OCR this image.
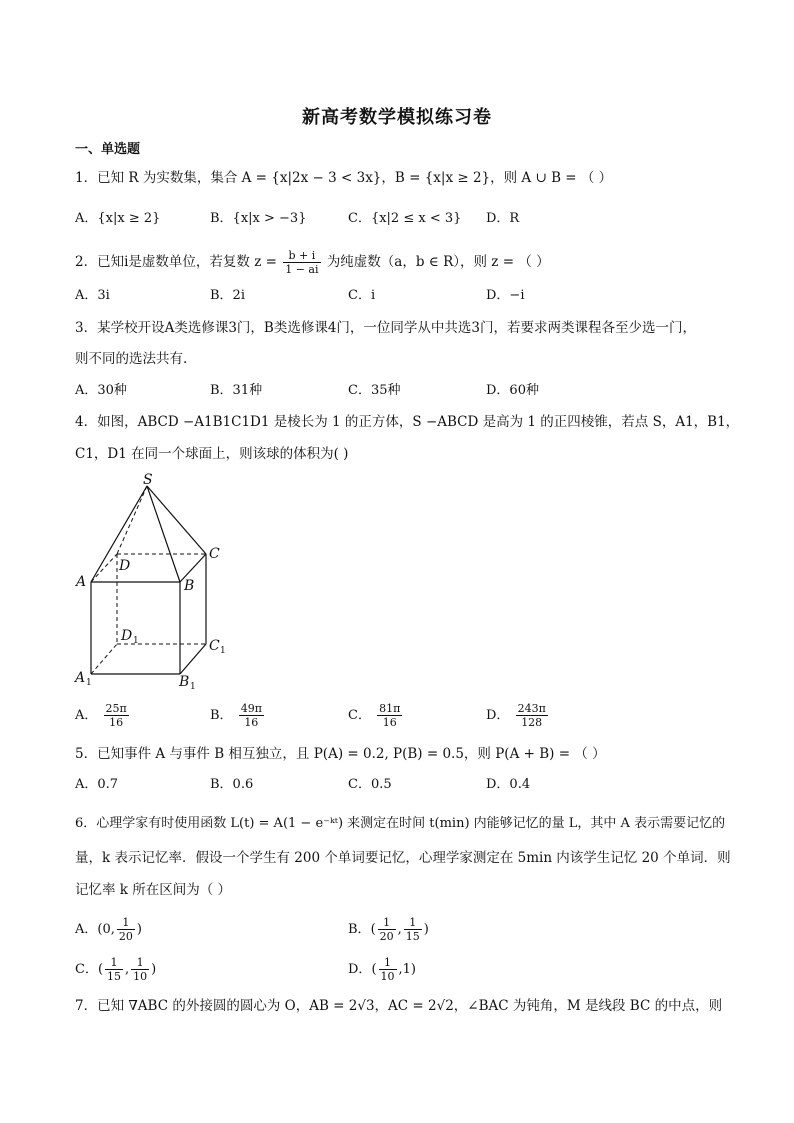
新高考数学模拟练习卷
一、单选题
1．已知 R 为实数集，集合 A = {x|2x − 3 < 3x}，B = {x|x ≥ 2}，则 A ∪ B = （ ）
A．{x|x ≥ 2}	B．{x|x > −3}	C．{x|2 ≤ x < 3} D．R
2．已知i是虚数单位，若复数 $z = \frac{b + i}{1 - ai}$ 为纯虚数（a，b ∈ R），则 z = （ ）
A．3i	B．2i	C．i	D．−i
3．某学校开设A类选修课3门，B类选修课4门，一位同学从中共选3门，若要求两类课程各至少选一门，
则不同的选法共有.
A．30种	B．31种	C．35种	D．60种
4．如图，ABCD −A1B1C1D1 是棱长为 1 的正方体，S −ABCD 是高为 1 的正四棱锥，若点 S，A1，B1，
C1，D1 在同一个球面上，则该球的体积为( )
S
A	B
C
D
D
C
A	B
1
1
1	1
A． $\frac{25\pi}{16}$	B． $\frac{49\pi}{16}$	C． $\frac{81\pi}{16}$	D． $\frac{243\pi}{128}$
5．已知事件 A 与事件 B 相互独立，且 P(A) = 0.2, P(B) = 0.5，则 P(A + B) = （ ）
A．0.7	B．0.6	C．0.5	D．0.4
6．心理学家有时使用函数 L(t) = A(1 − e⁻ᵏᵗ) 来测定在时间 t(min) 内能够记忆的量 L，其中 A 表示需要记忆的
量，k 表示记忆率．假设一个学生有 200 个单词要记忆，心理学家测定在 5min 内该学生记忆 20 个单词．则
记忆率 k 所在区间为（ ）
A．(0, $\frac{1}{20}$ )	B．( $\frac{1}{20}$ , $\frac{1}{15}$ )
C．( $\frac{1}{15}$ , $\frac{1}{10}$ )	D．( $\frac{1}{10} ,1$)
7．已知 ∇ABC 的外接圆的圆心为 O，AB = 2√3，AC = 2√2，∠BAC 为钝角，M 是线段 BC 的中点，则
